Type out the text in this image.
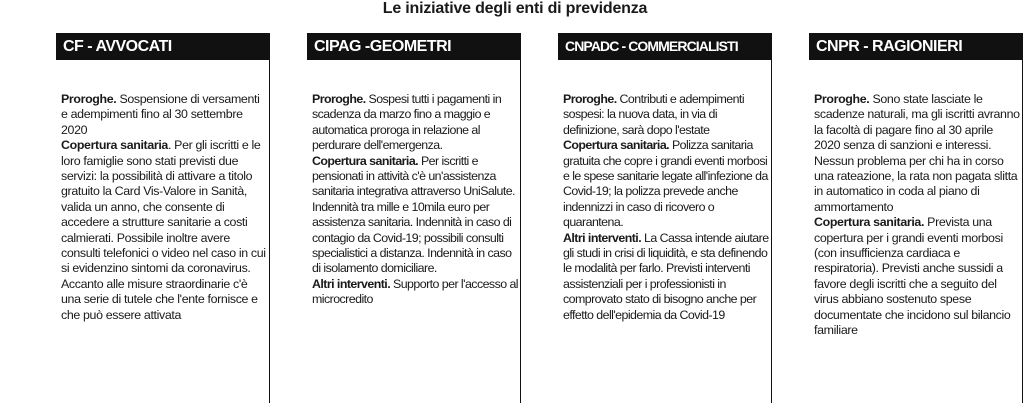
Le iniziative degli enti di previdenza
CF - AVVOCATI

Proroghe. Sospensione di versamenti e adempimenti fino al 30 settembre 2020

Copertura sanitaria. Per gli iscritti e le loro famiglie sono stati previsti due servizi: la possibilità di attivare a titolo gratuito la Card Vis-Valore in Sanità, valida un anno, che consente di accedere a strutture sanitarie a costi calmierati. Possibile inoltre avere consulti telefonici o video nel caso in cui si evidenzino sintomi da coronavirus. Accanto alle misure straordinarie c'è una serie di tutele che l'ente fornisce e che può essere attivata

CIPAG -GEOMETRI

Proroghe. Sospesi tutti i pagamenti in scadenza da marzo fino a maggio e automatica proroga in relazione al perdurare dell'emergenza.

Copertura sanitaria. Per iscritti e pensionati in attività c'è un'assistenza sanitaria integrativa attraverso UniSalute. Indennità tra mille e 10mila euro per assistenza sanitaria. Indennità in caso di contagio da Covid-19; possibili consulti specialistici a distanza. Indennità in caso di isolamento domiciliare.

Altri interventi. Supporto per l'accesso al microcredito

CNPADC - COMMERCIALISTI

Proroghe. Contributi e adempimenti sospesi: la nuova data, in via di definizione, sarà dopo l'estate

Copertura sanitaria. Polizza sanitaria gratuita che copre i grandi eventi morbosi e le spese sanitarie legate all'infezione da Covid-19; la polizza prevede anche indennizzi in caso di ricovero o quarantena.

Altri interventi. La Cassa intende aiutare gli studi in crisi di liquidità, e sta definendo le modalità per farlo. Previsti interventi assistenziali per i professionisti in comprovato stato di bisogno anche per effetto dell'epidemia da Covid-19

CNPR - RAGIONIERI

Proroghe. Sono state lasciate le scadenze naturali, ma gli iscritti avranno la facoltà di pagare fino al 30 aprile 2020 senza di sanzioni e interessi. Nessun problema per chi ha in corso una rateazione, la rata non pagata slitta in automatico in coda al piano di ammortamento

Copertura sanitaria. Prevista una copertura per i grandi eventi morbosi (con insufficienza cardiaca e respiratoria). Previsti anche sussidi a favore degli iscritti che a seguito del virus abbiano sostenuto spese documentate che incidono sul bilancio familiare
